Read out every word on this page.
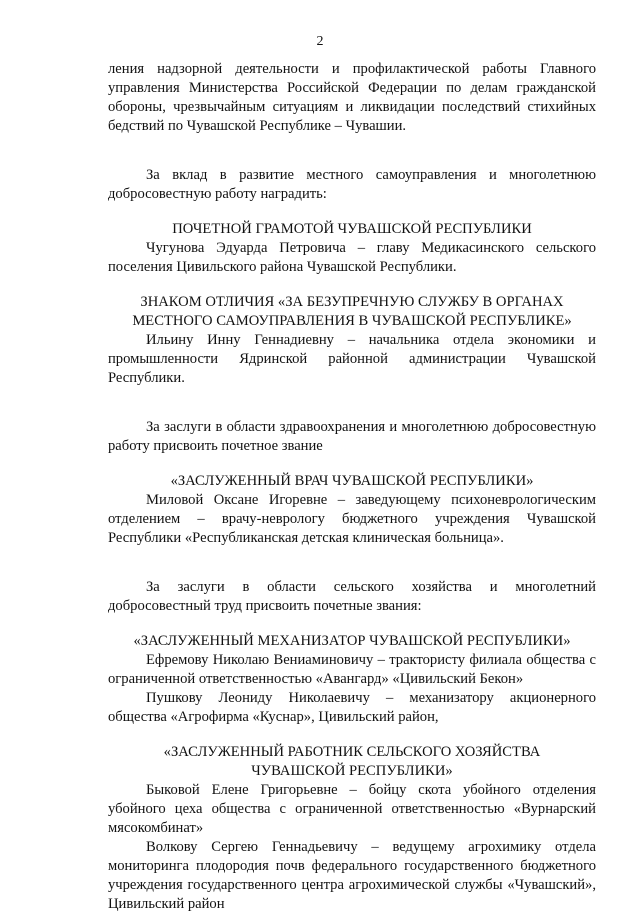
2

ления надзорной деятельности и профилактической работы Главного управления Министерства Российской Федерации по делам гражданской обороны, чрезвычайным ситуациям и ликвидации последствий стихийных бедствий по Чувашской Республике – Чувашии.

За вклад в развитие местного самоуправления и многолетнюю добросовестную работу наградить:

ПОЧЕТНОЙ ГРАМОТОЙ ЧУВАШСКОЙ РЕСПУБЛИКИ

Чугунова Эдуарда Петровича – главу Медикасинского сельского поселения Цивильского района Чувашской Республики.

ЗНАКОМ ОТЛИЧИЯ «ЗА БЕЗУПРЕЧНУЮ СЛУЖБУ В ОРГАНАХ

МЕСТНОГО САМОУПРАВЛЕНИЯ В ЧУВАШСКОЙ РЕСПУБЛИКЕ»

Ильину Инну Геннадиевну – начальника отдела экономики и промышленности Ядринской районной администрации Чувашской Республики.

За заслуги в области здравоохранения и многолетнюю добросовестную работу присвоить почетное звание

«ЗАСЛУЖЕННЫЙ ВРАЧ ЧУВАШСКОЙ РЕСПУБЛИКИ»

Миловой Оксане Игоревне – заведующему психоневрологическим отделением – врачу-неврологу бюджетного учреждения Чувашской Республики «Республиканская детская клиническая больница».

За заслуги в области сельского хозяйства и многолетний добросовестный труд присвоить почетные звания:

«ЗАСЛУЖЕННЫЙ МЕХАНИЗАТОР ЧУВАШСКОЙ РЕСПУБЛИКИ»

Ефремову Николаю Вениаминовичу – трактористу филиала общества с ограниченной ответственностью «Авангард» «Цивильский Бекон»

Пушкову Леониду Николаевичу – механизатору акционерного общества «Агрофирма «Куснар», Цивильский район,

«ЗАСЛУЖЕННЫЙ РАБОТНИК СЕЛЬСКОГО ХОЗЯЙСТВА

ЧУВАШСКОЙ РЕСПУБЛИКИ»

Быковой Елене Григорьевне – бойцу скота убойного отделения убойного цеха общества с ограниченной ответственностью «Вурнарский мясокомбинат»

Волкову Сергею Геннадьевичу – ведущему агрохимику отдела мониторинга плодородия почв федерального государственного бюджетного учреждения государственного центра агрохимической службы «Чувашский», Цивильский район
